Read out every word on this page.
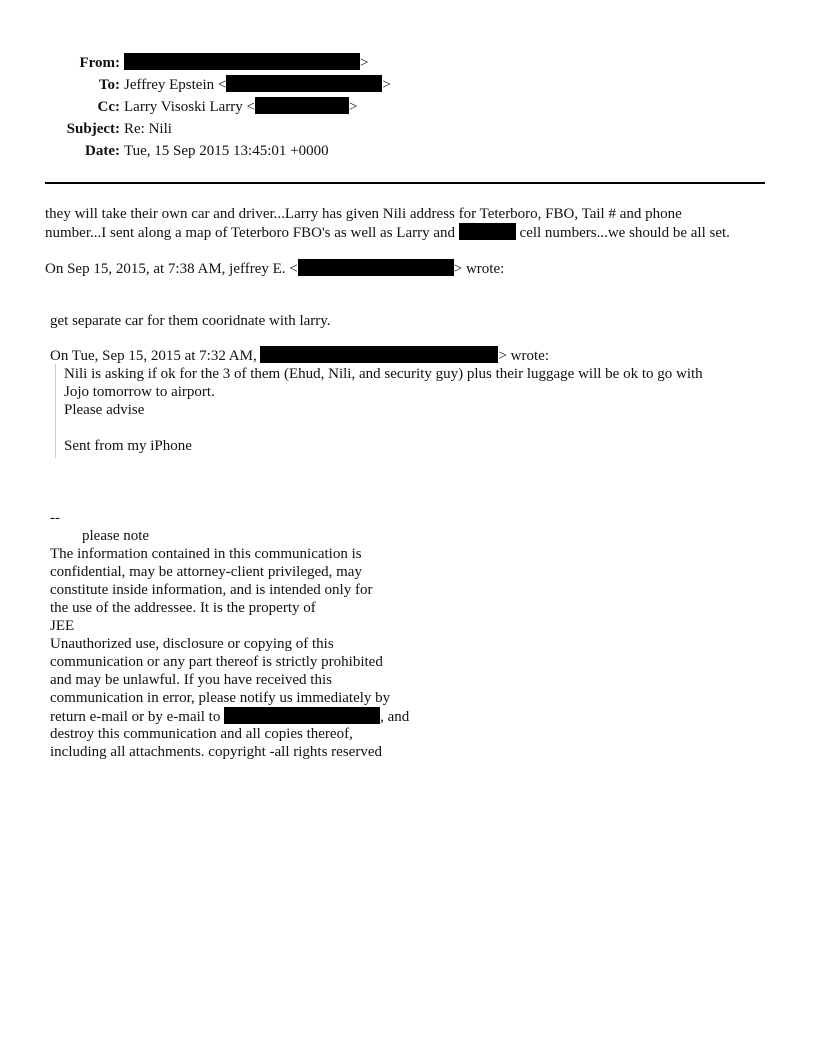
From:	>
To: Jeffrey Epstein <	>
Cc: Larry Visoski Larry <	>
Subject: Re: Nili
Date: Tue, 15 Sep 2015 13:45:01 +0000
they will take their own car and driver...Larry has given Nili address for Teterboro, FBO, Tail # and phone
number...I sent along a map of Teterboro FBO's as well as Larry and	cell numbers...we should be all set.
On Sep 15, 2015, at 7:38 AM, jeffrey E. <	> wrote:
get separate car for them cooridnate with larry.
On Tue, Sep 15, 2015 at 7:32 AM,	> wrote:
Nili is asking if ok for the 3 of them (Ehud, Nili, and security guy) plus their luggage will be ok to go with
Jojo tomorrow to airport.
Please advise
Sent from my iPhone
--
please note
The information contained in this communication is
confidential, may be attorney-client privileged, may
constitute inside information, and is intended only for
the use of the addressee. It is the property of
JEE
Unauthorized use, disclosure or copying of this
communication or any part thereof is strictly prohibited
and may be unlawful. If you have received this
communication in error, please notify us immediately by
return e-mail or by e-mail to	, and
destroy this communication and all copies thereof,
including all attachments. copyright -all rights reserved
